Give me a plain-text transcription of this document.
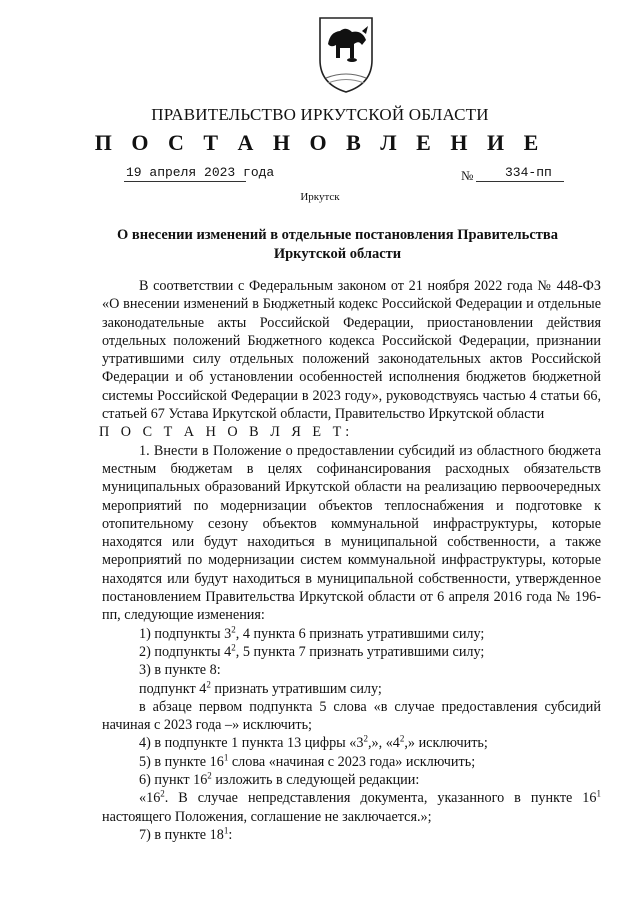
ПРАВИТЕЛЬСТВО ИРКУТСКОЙ ОБЛАСТИ
П О С Т А Н О В Л Е Н И Е
19 апреля 2023 года	№ 334-пп
Иркутск
О внесении изменений в отдельные постановления Правительства Иркутской области

В соответствии с Федеральным законом от 21 ноября 2022 года № 448-ФЗ «О внесении изменений в Бюджетный кодекс Российской Федерации и отдельные законодательные акты Российской Федерации, приостановлении действия отдельных положений Бюджетного кодекса Российской Федерации, признании утратившими силу отдельных положений законодательных актов Российской Федерации и об установлении особенностей исполнения бюджетов бюджетной системы Российской Федерации в 2023 году», руководствуясь частью 4 статьи 66, статьей 67 Устава Иркутской области, Правительство Иркутской области

П О С Т А Н О В Л Я Е Т:

1. Внести в Положение о предоставлении субсидий из областного бюджета местным бюджетам в целях софинансирования расходных обязательств муниципальных образований Иркутской области на реализацию первоочередных мероприятий по модернизации объектов теплоснабжения и подготовке к отопительному сезону объектов коммунальной инфраструктуры, которые находятся или будут находиться в муниципальной собственности, а также мероприятий по модернизации систем коммунальной инфраструктуры, которые находятся или будут находиться в муниципальной собственности, утвержденное постановлением Правительства Иркутской области от 6 апреля 2016 года № 196-пп, следующие изменения:

1) подпункты $3^2$, 4 пункта 6 признать утратившими силу;

2) подпункты $4^2$, 5 пункта 7 признать утратившими силу;

3) в пункте 8:

подпункт $4^2$ признать утратившим силу;

в абзаце первом подпункта 5 слова «в случае предоставления субсидий начиная с 2023 года –» исключить;

4) в подпункте 1 пункта 13 цифры «$3^2$,», «$4^2$,» исключить;

5) в пункте $16^1$ слова «начиная с 2023 года» исключить;

6) пункт $16^2$ изложить в следующей редакции:

«$16^2$. В случае непредставления документа, указанного в пункте $16^1$ настоящего Положения, соглашение не заключается.»;

7) в пункте $18^1$:
